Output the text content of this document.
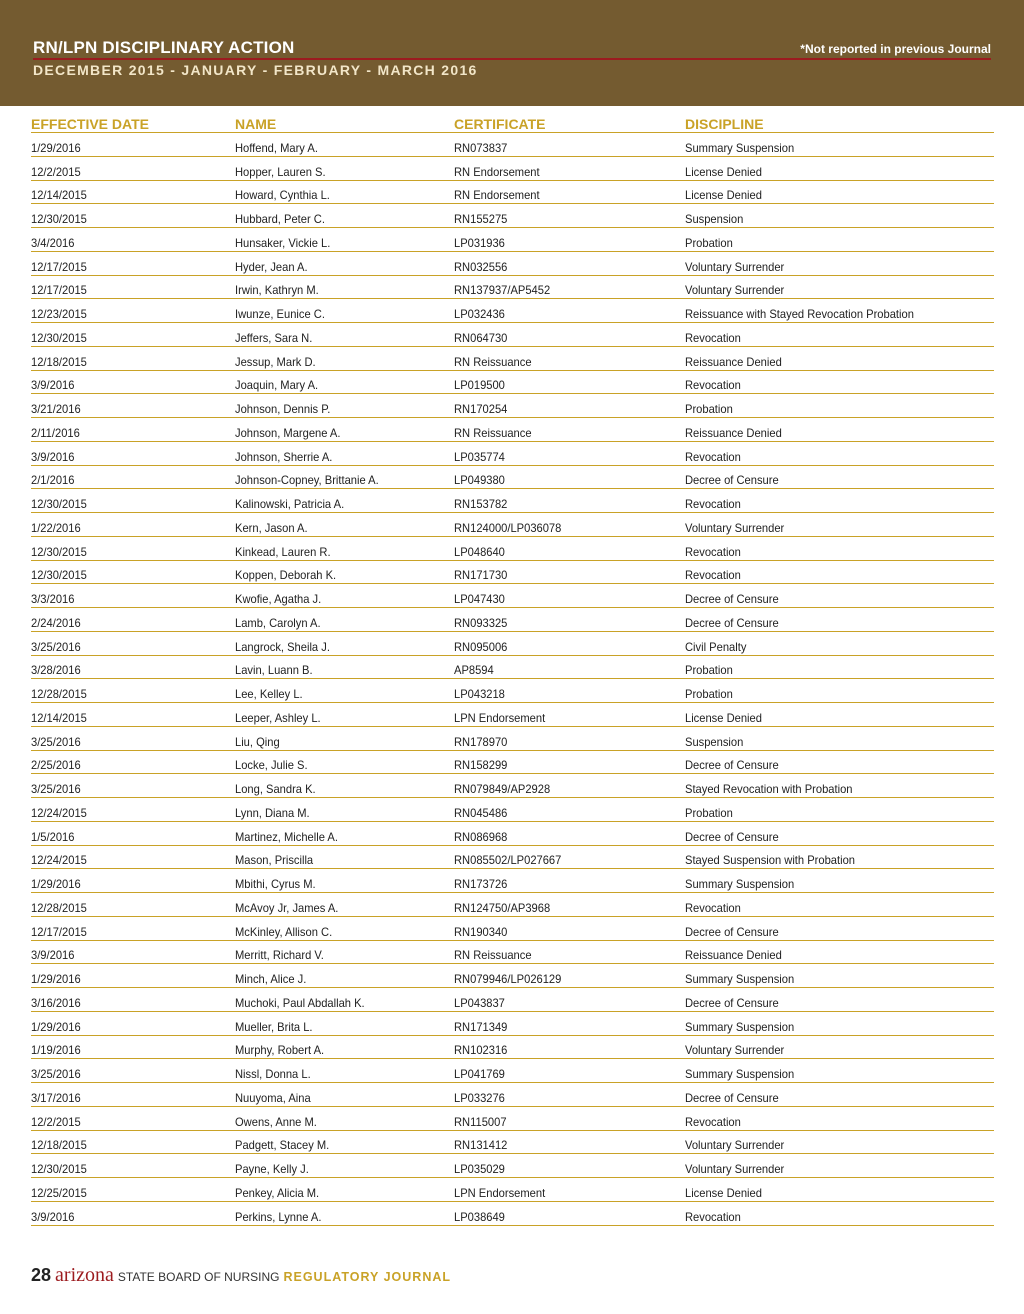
RN/LPN DISCIPLINARY ACTION	*Not reported in previous Journal
DECEMBER 2015 - JANUARY - FEBRUARY - MARCH 2016
EFFECTIVE DATE	NAME	CERTIFICATE	DISCIPLINE
1/29/2016	Hoffend, Mary A.	RN073837	Summary Suspension
12/2/2015	Hopper, Lauren S.	RN Endorsement	License Denied
12/14/2015	Howard, Cynthia L.	RN Endorsement	License Denied
12/30/2015	Hubbard, Peter C.	RN155275	Suspension
3/4/2016	Hunsaker, Vickie L.	LP031936	Probation
12/17/2015	Hyder, Jean A.	RN032556	Voluntary Surrender
12/17/2015	Irwin, Kathryn M.	RN137937/AP5452	Voluntary Surrender
12/23/2015	Iwunze, Eunice C.	LP032436	Reissuance with Stayed Revocation Probation
12/30/2015	Jeffers, Sara N.	RN064730	Revocation
12/18/2015	Jessup, Mark D.	RN Reissuance	Reissuance Denied
3/9/2016	Joaquin, Mary A.	LP019500	Revocation
3/21/2016	Johnson, Dennis P.	RN170254	Probation
2/11/2016	Johnson, Margene A.	RN Reissuance	Reissuance Denied
3/9/2016	Johnson, Sherrie A.	LP035774	Revocation
2/1/2016	Johnson-Copney, Brittanie A.	LP049380	Decree of Censure
12/30/2015	Kalinowski, Patricia A.	RN153782	Revocation
1/22/2016	Kern, Jason A.	RN124000/LP036078	Voluntary Surrender
12/30/2015	Kinkead, Lauren R.	LP048640	Revocation
12/30/2015	Koppen, Deborah K.	RN171730	Revocation
3/3/2016	Kwofie, Agatha J.	LP047430	Decree of Censure
2/24/2016	Lamb, Carolyn A.	RN093325	Decree of Censure
3/25/2016	Langrock, Sheila J.	RN095006	Civil Penalty
3/28/2016	Lavin, Luann B.	AP8594	Probation
12/28/2015	Lee, Kelley L.	LP043218	Probation
12/14/2015	Leeper, Ashley L.	LPN Endorsement	License Denied
3/25/2016	Liu, Qing	RN178970	Suspension
2/25/2016	Locke, Julie S.	RN158299	Decree of Censure
3/25/2016	Long, Sandra K.	RN079849/AP2928	Stayed Revocation with Probation
12/24/2015	Lynn, Diana M.	RN045486	Probation
1/5/2016	Martinez, Michelle A.	RN086968	Decree of Censure
12/24/2015	Mason, Priscilla	RN085502/LP027667	Stayed Suspension with Probation
1/29/2016	Mbithi, Cyrus M.	RN173726	Summary Suspension
12/28/2015	McAvoy Jr, James A.	RN124750/AP3968	Revocation
12/17/2015	McKinley, Allison C.	RN190340	Decree of Censure
3/9/2016	Merritt, Richard V.	RN Reissuance	Reissuance Denied
1/29/2016	Minch, Alice J.	RN079946/LP026129	Summary Suspension
3/16/2016	Muchoki, Paul Abdallah K.	LP043837	Decree of Censure
1/29/2016	Mueller, Brita L.	RN171349	Summary Suspension
1/19/2016	Murphy, Robert A.	RN102316	Voluntary Surrender
3/25/2016	Nissl, Donna L.	LP041769	Summary Suspension
3/17/2016	Nuuyoma, Aina	LP033276	Decree of Censure
12/2/2015	Owens, Anne M.	RN115007	Revocation
12/18/2015	Padgett, Stacey M.	RN131412	Voluntary Surrender
12/30/2015	Payne, Kelly J.	LP035029	Voluntary Surrender
12/25/2015	Penkey, Alicia M.	LPN Endorsement	License Denied
3/9/2016	Perkins, Lynne A.	LP038649	Revocation
28 arizona STATE BOARD OF NURSING REGULATORY JOURNAL
